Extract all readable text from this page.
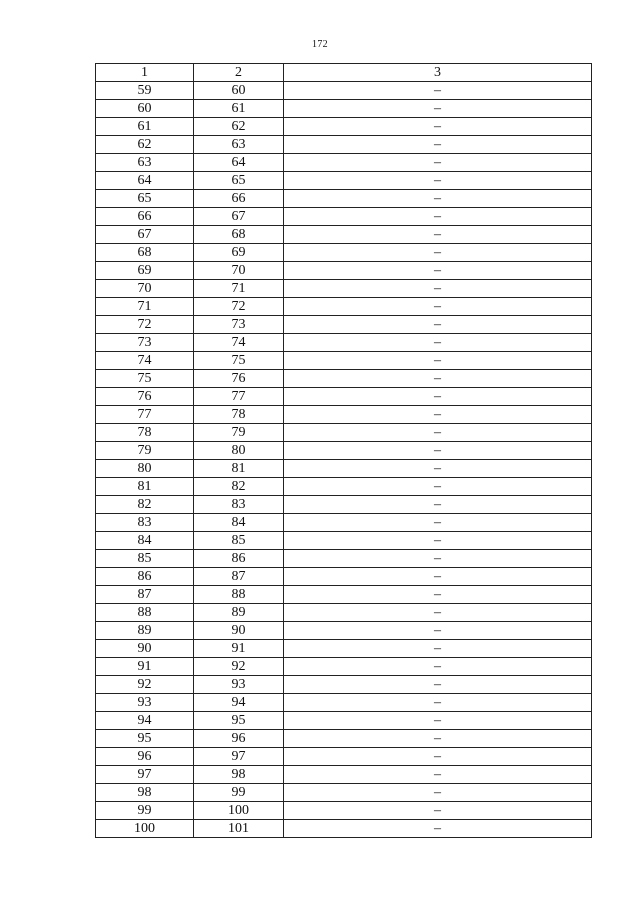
172
1	2	3
59	60	–
60	61	–
61	62	–
62	63	–
63	64	–
64	65	–
65	66	–
66	67	–
67	68	–
68	69	–
69	70	–
70	71	–
71	72	–
72	73	–
73	74	–
74	75	–
75	76	–
76	77	–
77	78	–
78	79	–
79	80	–
80	81	–
81	82	–
82	83	–
83	84	–
84	85	–
85	86	–
86	87	–
87	88	–
88	89	–
89	90	–
90	91	–
91	92	–
92	93	–
93	94	–
94	95	–
95	96	–
96	97	–
97	98	–
98	99	–
99	100	–
100	101	–
